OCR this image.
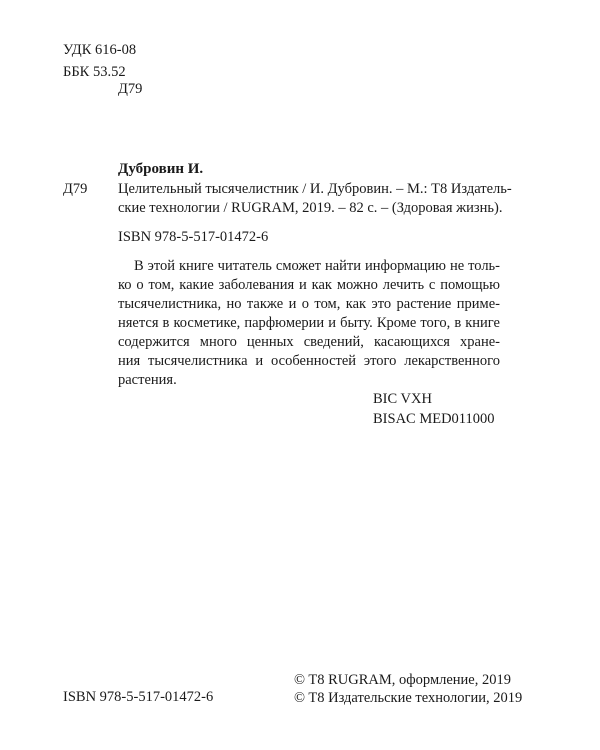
УДК 616-08
ББК 53.52
Д79
Дубровин И.
Д79 Целительный тысячелистник / И. Дубровин. – М.: T8 Издатель-
ские технологии / RUGRAM, 2019. – 82 с. – (Здоровая жизнь).
ISBN 978-5-517-01472-6
В этой книге читатель сможет найти информацию не толь-
ко о том, какие заболевания и как можно лечить с помощью
тысячелистника, но также и о том, как это растение приме-
няется в косметике, парфюмерии и быту. Кроме того, в книге
содержится много ценных сведений, касающихся хране-
ния тысячелистника и особенностей этого лекарственного
растения.
BIC VXH
BISAC MED011000
ISBN 978-5-517-01472-6
© T8 RUGRAM, оформление, 2019
© T8 Издательские технологии, 2019
